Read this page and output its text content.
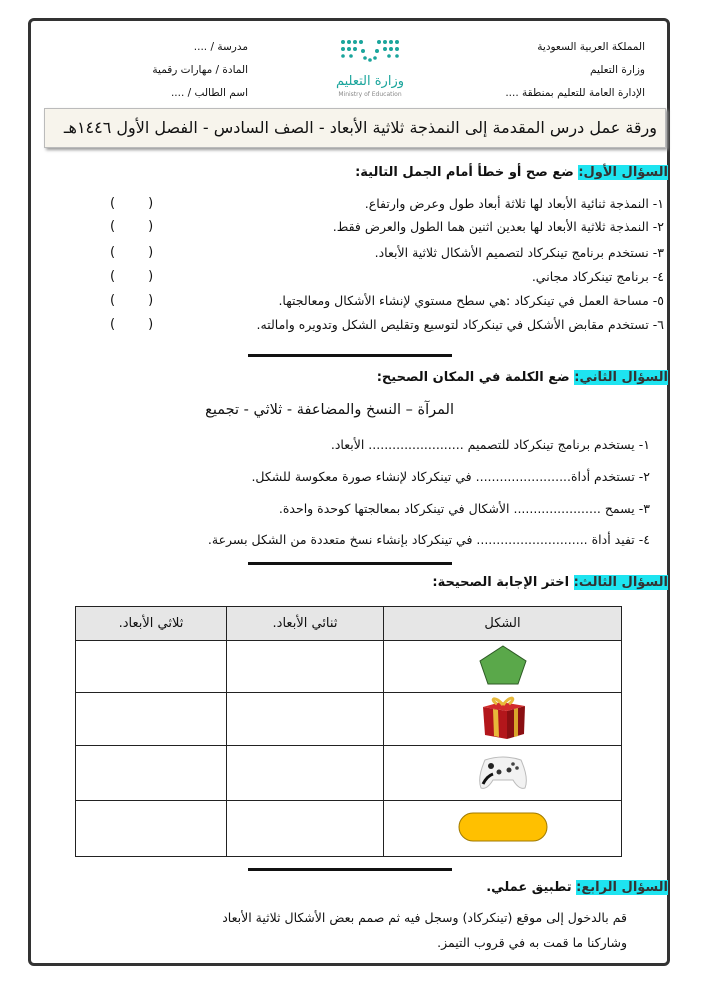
المملكة العربية السعودية
وزارة التعليم
الإدارة العامة للتعليم بمنطقة ....
مدرسة / ....
المادة / مهارات رقمية
اسم الطالب / ....
وزارة التعليم
Ministry of Education
ورقة عمل درس المقدمة إلى النمذجة ثلاثية الأبعاد - الصف السادس - الفصل الأول ١٤٤٦هـ
السؤال الأول: ضع صح أو خطأ أمام الجمل التالية:
١- النمذجة ثنائية الأبعاد لها ثلاثة أبعاد طول وعرض وارتفاع.
(        )
٢- النمذجة ثلاثية الأبعاد لها بعدين اثنين هما الطول والعرض فقط.
(        )
٣- نستخدم برنامج تينكركاد لتصميم الأشكال ثلاثية الأبعاد.
(        )
٤- برنامج تينكركاد مجاني.
(        )
٥- مساحة العمل في تينكركاد :هي سطح مستوي لإنشاء الأشكال ومعالجتها.
(        )
٦- تستخدم مقابض الأشكل في تينكركاد لتوسيع وتقليص الشكل وتدويره وامالته.
(        )
السؤال الثاني: ضع الكلمة في المكان الصحيح:
المرآة – النسخ والمضاعفة - ثلاثي - تجميع
١- يستخدم برنامج تينكركاد للتصميم ........................ الأبعاد.
٢- تستخدم أداة........................ في تينكركاد لإنشاء صورة معكوسة للشكل.
٣- يسمح ...................... الأشكال في تينكركاد بمعالجتها كوحدة واحدة.
٤- تفيد أداة ............................ في تينكركاد بإنشاء نسخ متعددة من الشكل بسرعة.
السؤال الثالث: اختر الإجابة الصحيحة:
الشكل	ثنائي الأبعاد.	ثلاثي الأبعاد.

السؤال الرابع: تطبيق عملي.
قم بالدخول إلى موقع (تينكركاد) وسجل فيه ثم صمم بعض الأشكال ثلاثية الأبعاد
وشاركنا ما قمت به في قروب التيمز.
